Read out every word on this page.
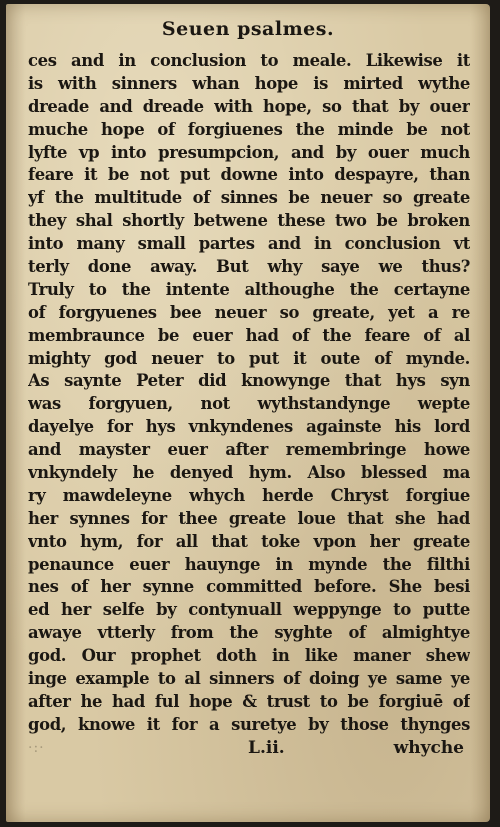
Seuen psalmes.
ces and in conclusion to meale. Likewise it
is with sinners whan hope is mirted wythe
dreade and dreade with hope, so that by ouer
muche hope of forgiuenes the minde be not
lyfte vp into presumpcion, and by ouer much
feare it be not put downe into despayre, than
yf the multitude of sinnes be neuer so greate
they shal shortly betwene these two be broken
into many small partes and in conclusion vt
terly done away. But why saye we thus?
Truly to the intente althoughe the certayne
of forgyuenes bee neuer so greate, yet a re
membraunce be euer had of the feare of al
mighty god neuer to put it oute of mynde.
As saynte Peter did knowynge that hys syn
was forgyuen, not wythstandynge wepte
dayelye for hys vnkyndenes againste his lord
and mayster euer after remembringe howe
vnkyndely he denyed hym. Also blessed ma
ry mawdeleyne whych herde Chryst forgiue
her synnes for thee greate loue that she had
vnto hym, for all that toke vpon her greate
penaunce euer hauynge in mynde the filthi
nes of her synne committed before. She besi
ed her selfe by contynuall weppynge to putte
awaye vtterly from the syghte of almightye
god. Our prophet doth in like maner shew
inge example to al sinners of doing ye same ye
after he had ful hope & trust to be forgiuē of
god, knowe it for a suretye by those thynges
·:·	L.ii.	whyche
